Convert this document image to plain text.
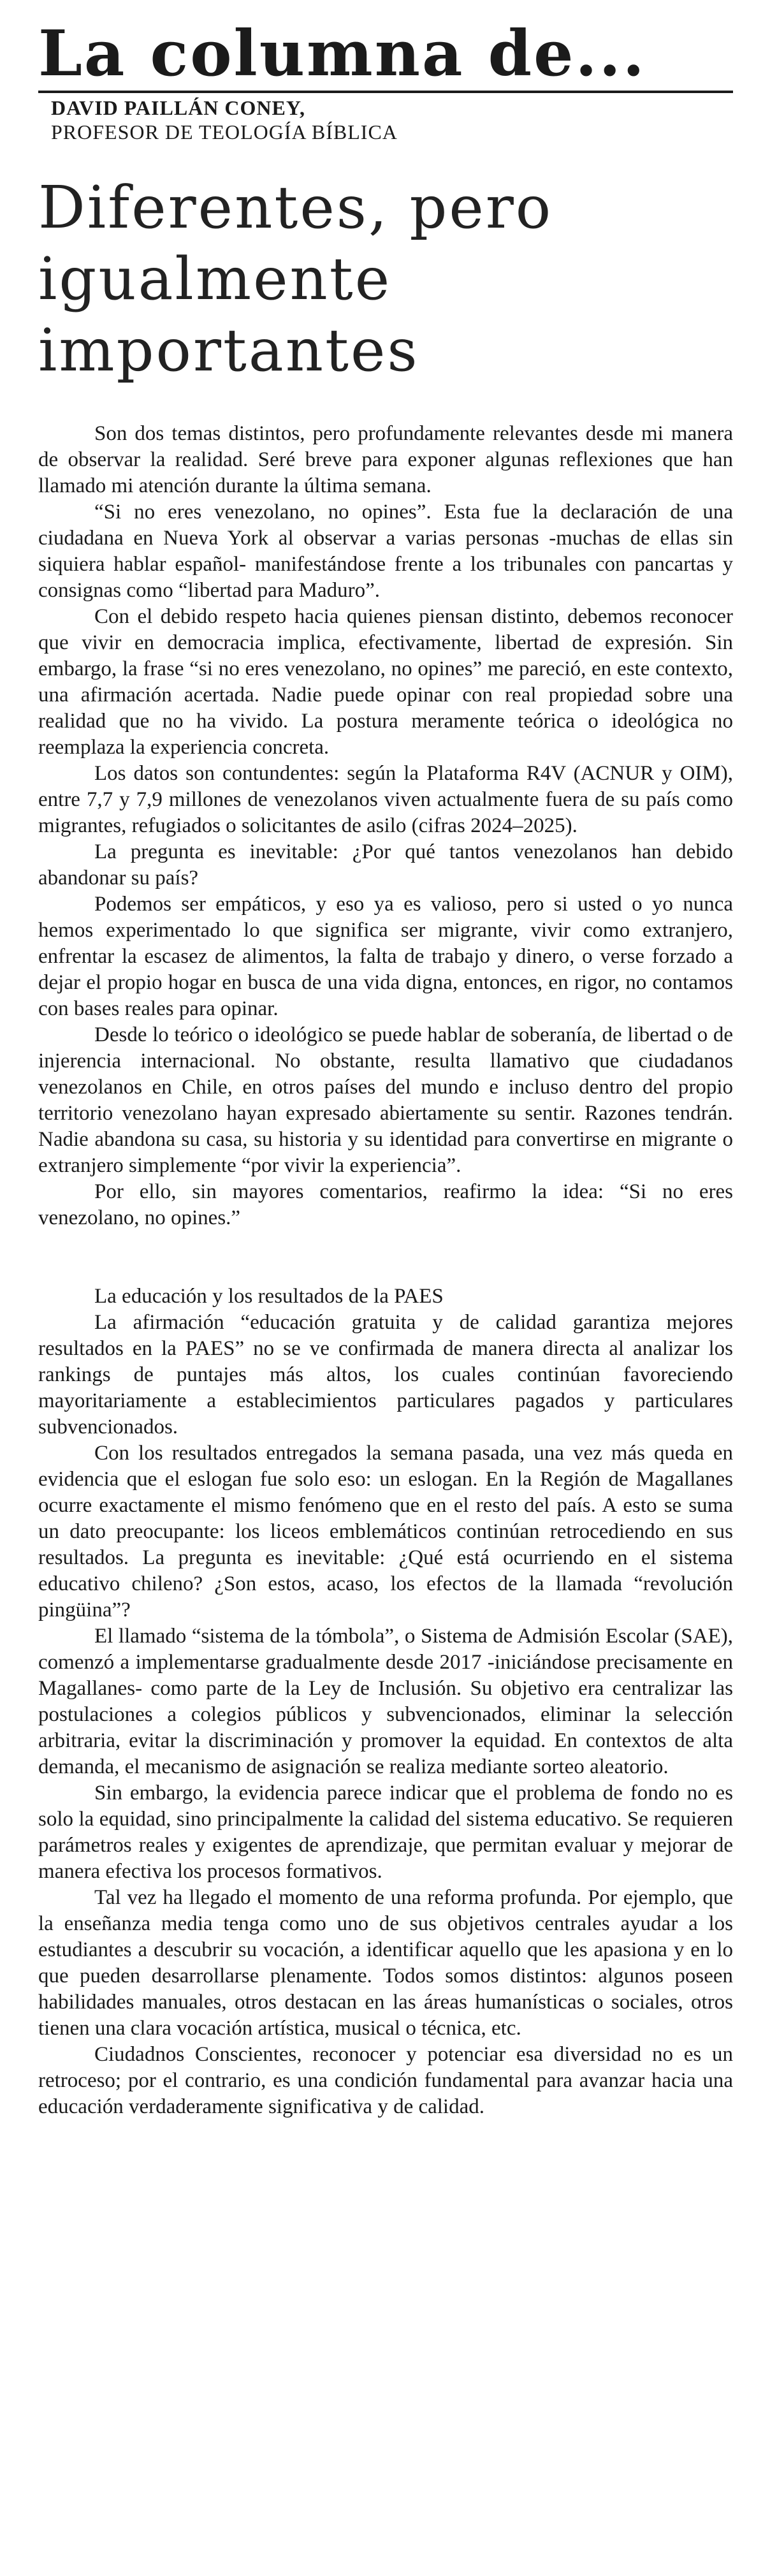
La columna de...
DAVID PAILLÁN CONEY,
PROFESOR DE TEOLOGÍA BÍBLICA
Diferentes, pero igualmente importantes

Son dos temas distintos, pero profundamente relevantes desde mi manera de observar la realidad. Seré breve para exponer algunas reflexiones que han llamado mi atención durante la última semana.

“Si no eres venezolano, no opines”. Esta fue la declaración de una ciudadana en Nueva York al observar a varias personas -muchas de ellas sin siquiera hablar español- manifestándose frente a los tribunales con pancartas y consignas como “libertad para Maduro”.

Con el debido respeto hacia quienes piensan distinto, debemos reconocer que vivir en democracia implica, efectivamente, libertad de expresión. Sin embargo, la frase “si no eres venezolano, no opines” me pareció, en este contexto, una afirmación acertada. Nadie puede opinar con real propiedad sobre una realidad que no ha vivido. La postura meramente teórica o ideológica no reemplaza la experiencia concreta.

Los datos son contundentes: según la Plataforma R4V (ACNUR y OIM), entre 7,7 y 7,9 millones de venezolanos viven actualmente fuera de su país como migrantes, refugiados o solicitantes de asilo (cifras 2024–2025).

La pregunta es inevitable: ¿Por qué tantos venezolanos han debido abandonar su país?

Podemos ser empáticos, y eso ya es valioso, pero si usted o yo nunca hemos experimentado lo que significa ser migrante, vivir como extranjero, enfrentar la escasez de alimentos, la falta de trabajo y dinero, o verse forzado a dejar el propio hogar en busca de una vida digna, entonces, en rigor, no contamos con bases reales para opinar.

Desde lo teórico o ideológico se puede hablar de soberanía, de libertad o de injerencia internacional. No obstante, resulta llamativo que ciudadanos venezolanos en Chile, en otros países del mundo e incluso dentro del propio territorio venezolano hayan expresado abiertamente su sentir. Razones tendrán. Nadie abandona su casa, su historia y su identidad para convertirse en migrante o extranjero simplemente “por vivir la experiencia”.

Por ello, sin mayores comentarios, reafirmo la idea: “Si no eres venezolano, no opines.”

La educación y los resultados de la PAES

La afirmación “educación gratuita y de calidad garantiza mejores resultados en la PAES” no se ve confirmada de manera directa al analizar los rankings de puntajes más altos, los cuales continúan favoreciendo mayoritariamente a establecimientos particulares pagados y particulares subvencionados.

Con los resultados entregados la semana pasada, una vez más queda en evidencia que el eslogan fue solo eso: un eslogan. En la Región de Magallanes ocurre exactamente el mismo fenómeno que en el resto del país. A esto se suma un dato preocupante: los liceos emblemáticos continúan retrocediendo en sus resultados. La pregunta es inevitable: ¿Qué está ocurriendo en el sistema educativo chileno? ¿Son estos, acaso, los efectos de la llamada “revolución pingüina”?

El llamado “sistema de la tómbola”, o Sistema de Admisión Escolar (SAE), comenzó a implementarse gradualmente desde 2017 -iniciándose precisamente en Magallanes- como parte de la Ley de Inclusión. Su objetivo era centralizar las postulaciones a colegios públicos y subvencionados, eliminar la selección arbitraria, evitar la discriminación y promover la equidad. En contextos de alta demanda, el mecanismo de asignación se realiza mediante sorteo aleatorio.

Sin embargo, la evidencia parece indicar que el problema de fondo no es solo la equidad, sino principalmente la calidad del sistema educativo. Se requieren parámetros reales y exigentes de aprendizaje, que permitan evaluar y mejorar de manera efectiva los procesos formativos.

Tal vez ha llegado el momento de una reforma profunda. Por ejemplo, que la enseñanza media tenga como uno de sus objetivos centrales ayudar a los estudiantes a descubrir su vocación, a identificar aquello que les apasiona y en lo que pueden desarrollarse plenamente. Todos somos distintos: algunos poseen habilidades manuales, otros destacan en las áreas humanísticas o sociales, otros tienen una clara vocación artística, musical o técnica, etc.

Ciudadnos Conscientes, reconocer y potenciar esa diversidad no es un retroceso; por el contrario, es una condición fundamental para avanzar hacia una educación verdaderamente significativa y de calidad.
